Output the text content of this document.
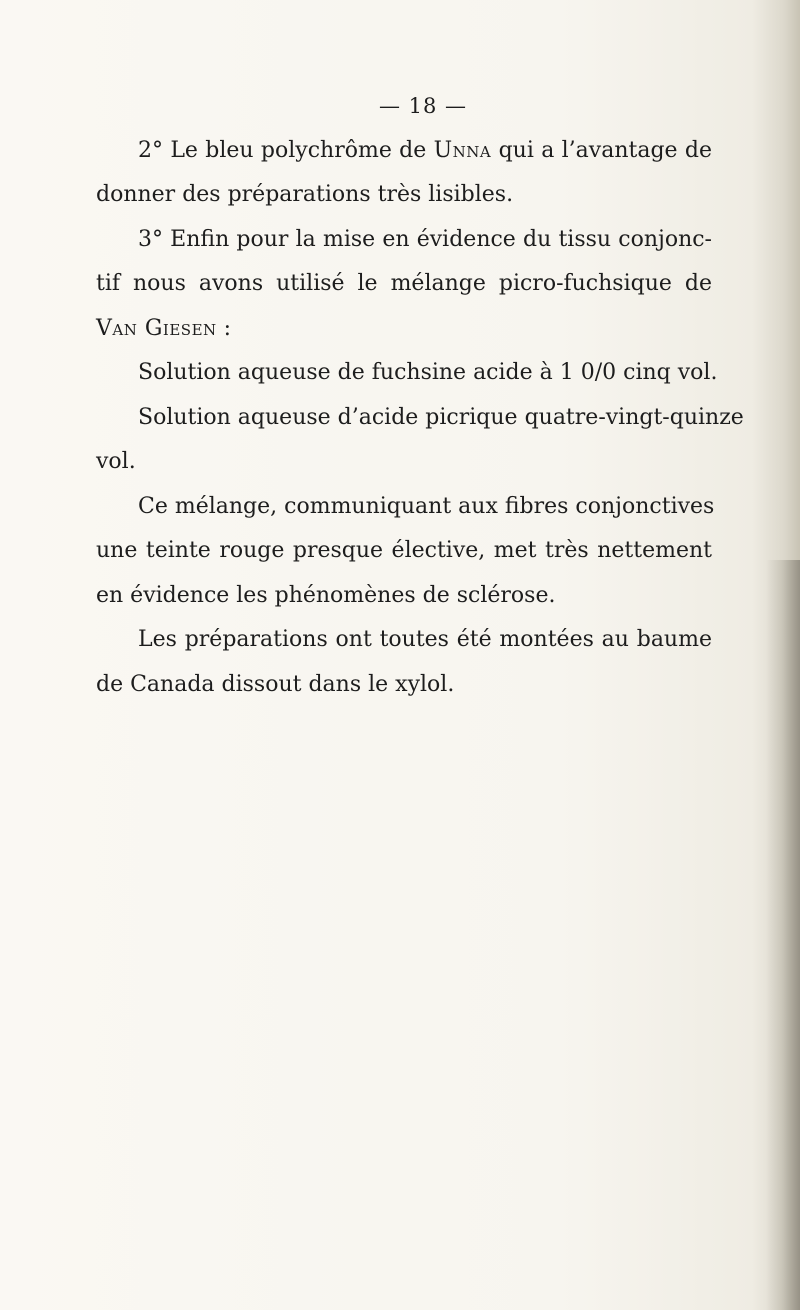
— 18 —
2° Le bleu polychrôme de Unna qui a l’avantage de
donner des préparations très lisibles.
3° Enfin pour la mise en évidence du tissu conjonc-
tif nous avons utilisé le mélange picro-fuchsique de
Van Giesen :
Solution aqueuse de fuchsine acide à 1 0/0 cinq vol.
Solution aqueuse d’acide picrique quatre-vingt-quinze
vol.
Ce mélange, communiquant aux fibres conjonctives
une teinte rouge presque élective, met très nettement
en évidence les phénomènes de sclérose.
Les préparations ont toutes été montées au baume
de Canada dissout dans le xylol.
